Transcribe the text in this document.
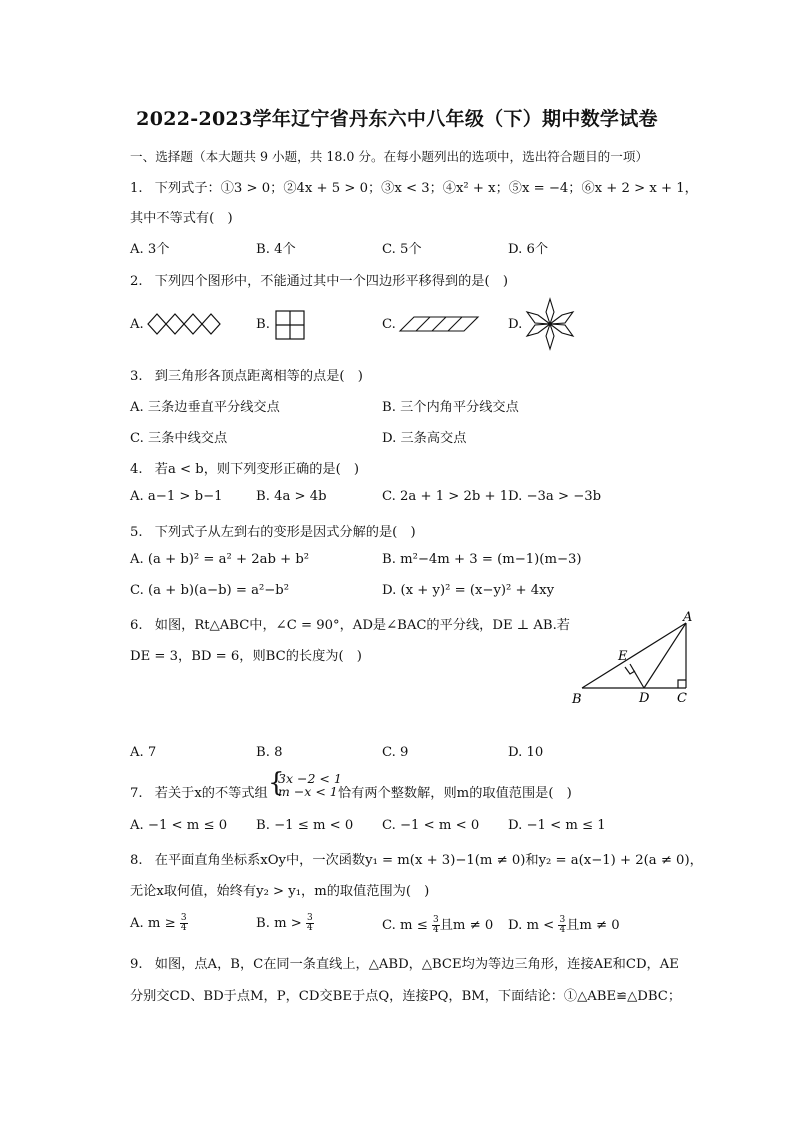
2022-2023学年辽宁省丹东六中八年级（下）期中数学试卷
一、选择题（本大题共 9 小题，共 18.0 分。在每小题列出的选项中，选出符合题目的一项）
1. 下列式子：①3 > 0；②4x + 5 > 0；③x < 3；④x² + x；⑤x = −4；⑥x + 2 > x + 1，
其中不等式有(　)
A. 3个	B. 4个	C. 5个	D. 6个
2. 下列四个图形中，不能通过其中一个四边形平移得到的是(　)
A.	B.	C.	D.
3. 到三角形各顶点距离相等的点是(　)
A. 三条边垂直平分线交点	B. 三个内角平分线交点
C. 三条中线交点	D. 三条高交点
4. 若a < b，则下列变形正确的是(　)
A. a−1 > b−1	B. 4a > 4b	C. 2a + 1 > 2b + 1 D. −3a > −3b
5. 下列式子从左到右的变形是因式分解的是(　)
A. (a + b)² = a² + 2ab + b²	B. m²−4m + 3 = (m−1)(m−3)
C. (a + b)(a−b) = a²−b²	D. (x + y)² = (x−y)² + 4xy
6. 如图，Rt△ABC中，∠C = 90°，AD是∠BAC的平分线，DE ⊥ AB.若
DE = 3，BD = 6，则BC的长度为(　)
A
E
B	D C
A. 7	B. 8	C. 9	D. 10
7. 若关于x的不等式组 {
3x −2 < 1
m −x < 1 恰有两个整数解，则m的取值范围是(　)
A. −1 < m ≤ 0 B. −1 ≤ m < 0 C. −1 < m < 0 D. −1 < m ≤ 1
8. 在平面直角坐标系xOy中，一次函数y₁ = m(x + 3)−1(m ≠ 0)和y₂ = a(x−1) + 2(a ≠ 0)，
无论x取何值，始终有y₂ > y₁，m的取值范围为(　)
A. $m \ge \frac{3}{4}$	B. $m > \frac{3}{4}$	C. $m \le \frac{3}{4}$ 且m ≠ 0 D. $m < \frac{3}{4}$ 且m ≠ 0
9. 如图，点A，B，C在同一条直线上，△ABD，△BCE均为等边三角形，连接AE和CD，AE
分别交CD、BD于点M，P，CD交BE于点Q，连接PQ，BM，下面结论：①△ABE≌△DBC；
